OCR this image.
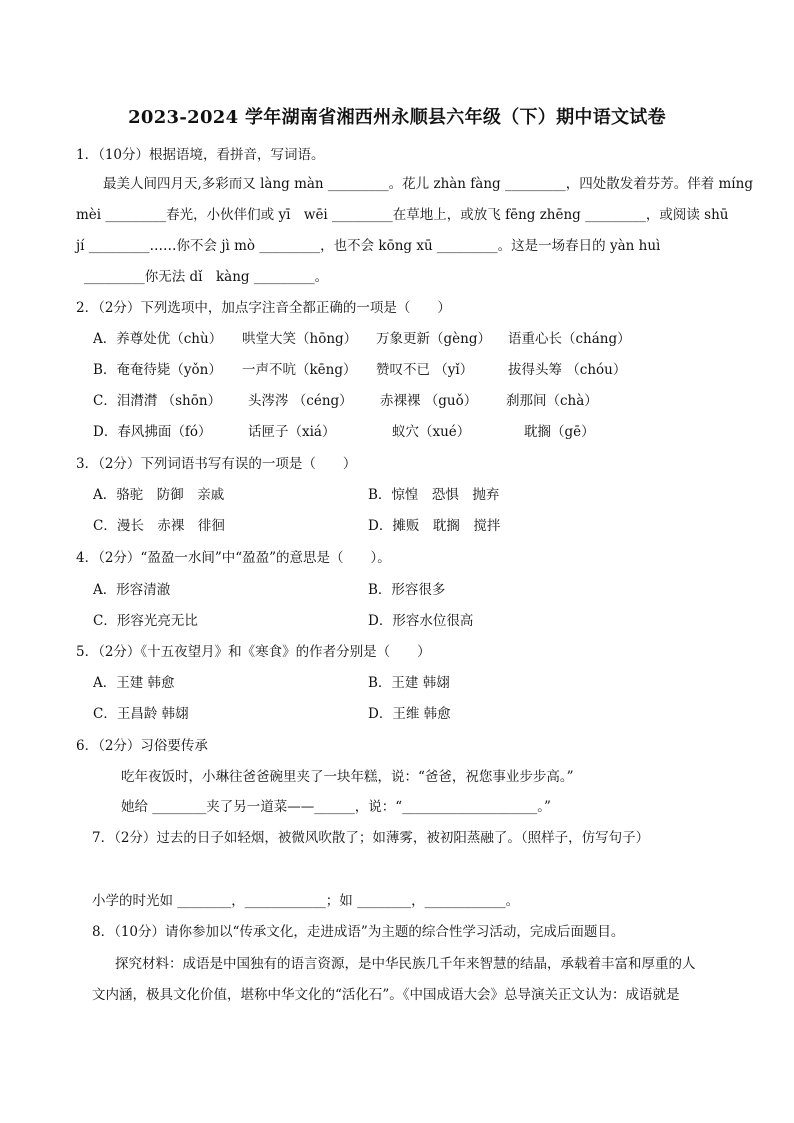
2023-2024 学年湖南省湘西州永顺县六年级（下）期中语文试卷
1．（10分）根据语境，看拼音，写词语。
最美人间四月天,多彩而又 làng màn _________。花儿 zhàn fàng _________，四处散发着芬芳。伴着 míng
mèi _________春光，小伙伴们或 yī　wēi _________在草地上，或放飞 fēng zhēng _________，或阅读 shū
jí _________……你不会 jì mò _________，也不会 kōng xū _________。这是一场春日的 yàn huì
_________你无法 dǐ　kàng _________。
2．（2分）下列选项中，加点字注音全都正确的一项是（　　）
A．养尊处优（chù） 哄堂大笑（hōng） 万象更新（gèng） 语重心长（cháng）
B．奄奄待毙（yǒn） 一声不吭（kēng） 赞叹不已 （yǐ）	拔得头筹 （chóu）
C．泪潸潸 （shōn） 头涔涔 （céng） 赤裸裸 （guǒ） 刹那间（chà）
D．春风拂面（fó）	话匣子（xiá）	蚁穴（xué）	耽搁（gē）
3．（2分）下列词语书写有误的一项是（　　）
A．骆驼　防御　亲戚	B．惊惶　恐惧　抛弃
C．漫长　赤裸　徘徊	D．摊贩　耽搁　搅拌
4．（2分）“盈盈一水间”中“盈盈”的意思是（　　）。
A．形容清澈	B．形容很多
C．形容光亮无比	D．形容水位很高
5．（2分）《十五夜望月》和《寒食》的作者分别是（　　）
A．王建 韩愈	B．王建 韩翃
C．王昌龄 韩翃	D．王维 韩愈
6．（2分）习俗要传承
吃年夜饭时，小琳往爸爸碗里夹了一块年糕，说：“爸爸，祝您事业步步高。”
她给 ________夹了另一道菜——______，说：“____________________。”
7．（2分）过去的日子如轻烟，被微风吹散了；如薄雾，被初阳蒸融了。（照样子，仿写句子）
小学的时光如 ________，____________；如 ________，____________。
8．（10分）请你参加以“传承文化，走进成语”为主题的综合性学习活动，完成后面题目。
探究材料：成语是中国独有的语言资源，是中华民族几千年来智慧的结晶，承载着丰富和厚重的人
文内涵，极具文化价值，堪称中华文化的“活化石”。《中国成语大会》总导演关正文认为：成语就是
